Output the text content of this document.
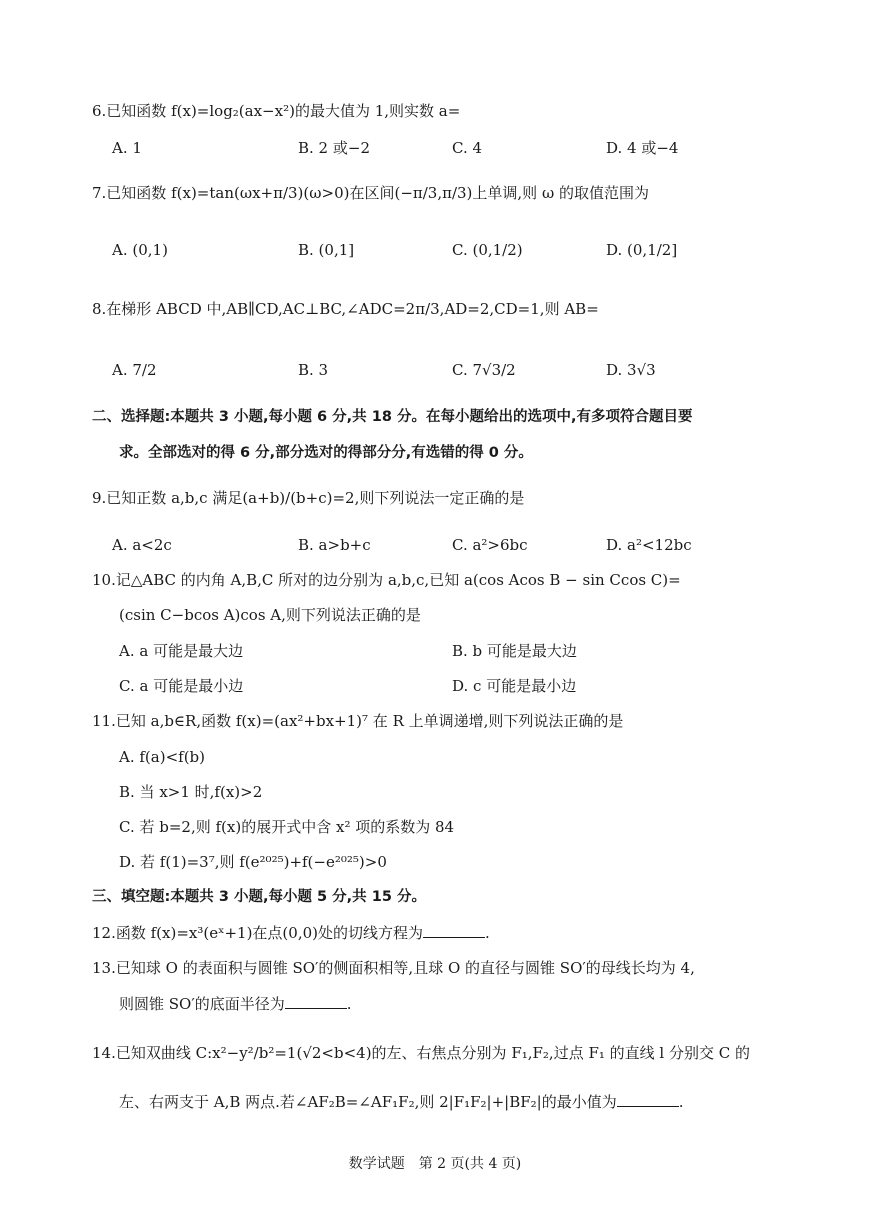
6.已知函数 f(x)=log₂(ax−x²)的最大值为 1,则实数 a=
A. 1	B. 2 或−2	C. 4	D. 4 或−4
7.已知函数 f(x)=tan(ωx+π/3)(ω>0)在区间(−π/3,π/3)上单调,则 ω 的取值范围为
A. (0,1)	B. (0,1]	C. (0,1/2)	D. (0,1/2]
8.在梯形 ABCD 中,AB∥CD,AC⊥BC,∠ADC=2π/3,AD=2,CD=1,则 AB=
A. 7/2	B. 3	C. 7√3/2	D. 3√3
二、选择题:本题共 3 小题,每小题 6 分,共 18 分。在每小题给出的选项中,有多项符合题目要
求。全部选对的得 6 分,部分选对的得部分分,有选错的得 0 分。
9.已知正数 a,b,c 满足(a+b)/(b+c)=2,则下列说法一定正确的是
A. a<2c	B. a>b+c	C. a²>6bc	D. a²<12bc
10.记△ABC 的内角 A,B,C 所对的边分别为 a,b,c,已知 a(cos Acos B − sin Ccos C)=
(csin C−bcos A)cos A,则下列说法正确的是
A. a 可能是最大边	B. b 可能是最大边
C. a 可能是最小边	D. c 可能是最小边
11.已知 a,b∈R,函数 f(x)=(ax²+bx+1)⁷ 在 R 上单调递增,则下列说法正确的是
A. f(a)<f(b)
B. 当 x>1 时,f(x)>2
C. 若 b=2,则 f(x)的展开式中含 x² 项的系数为 84
D. 若 f(1)=3⁷,则 f(e²⁰²⁵)+f(−e²⁰²⁵)>0
三、填空题:本题共 3 小题,每小题 5 分,共 15 分。
12.函数 f(x)=x³(eˣ+1)在点(0,0)处的切线方程为	.
13.已知球 O 的表面积与圆锥 SO′的侧面积相等,且球 O 的直径与圆锥 SO′的母线长均为 4,
则圆锥 SO′的底面半径为	.
14.已知双曲线 C:x²−y²/b²=1(√2<b<4)的左、右焦点分别为 F₁,F₂,过点 F₁ 的直线 l 分别交 C 的
左、右两支于 A,B 两点.若∠AF₂B=∠AF₁F₂,则 2|F₁F₂|+|BF₂|的最小值为	.
数学试题　第 2 页(共 4 页)
